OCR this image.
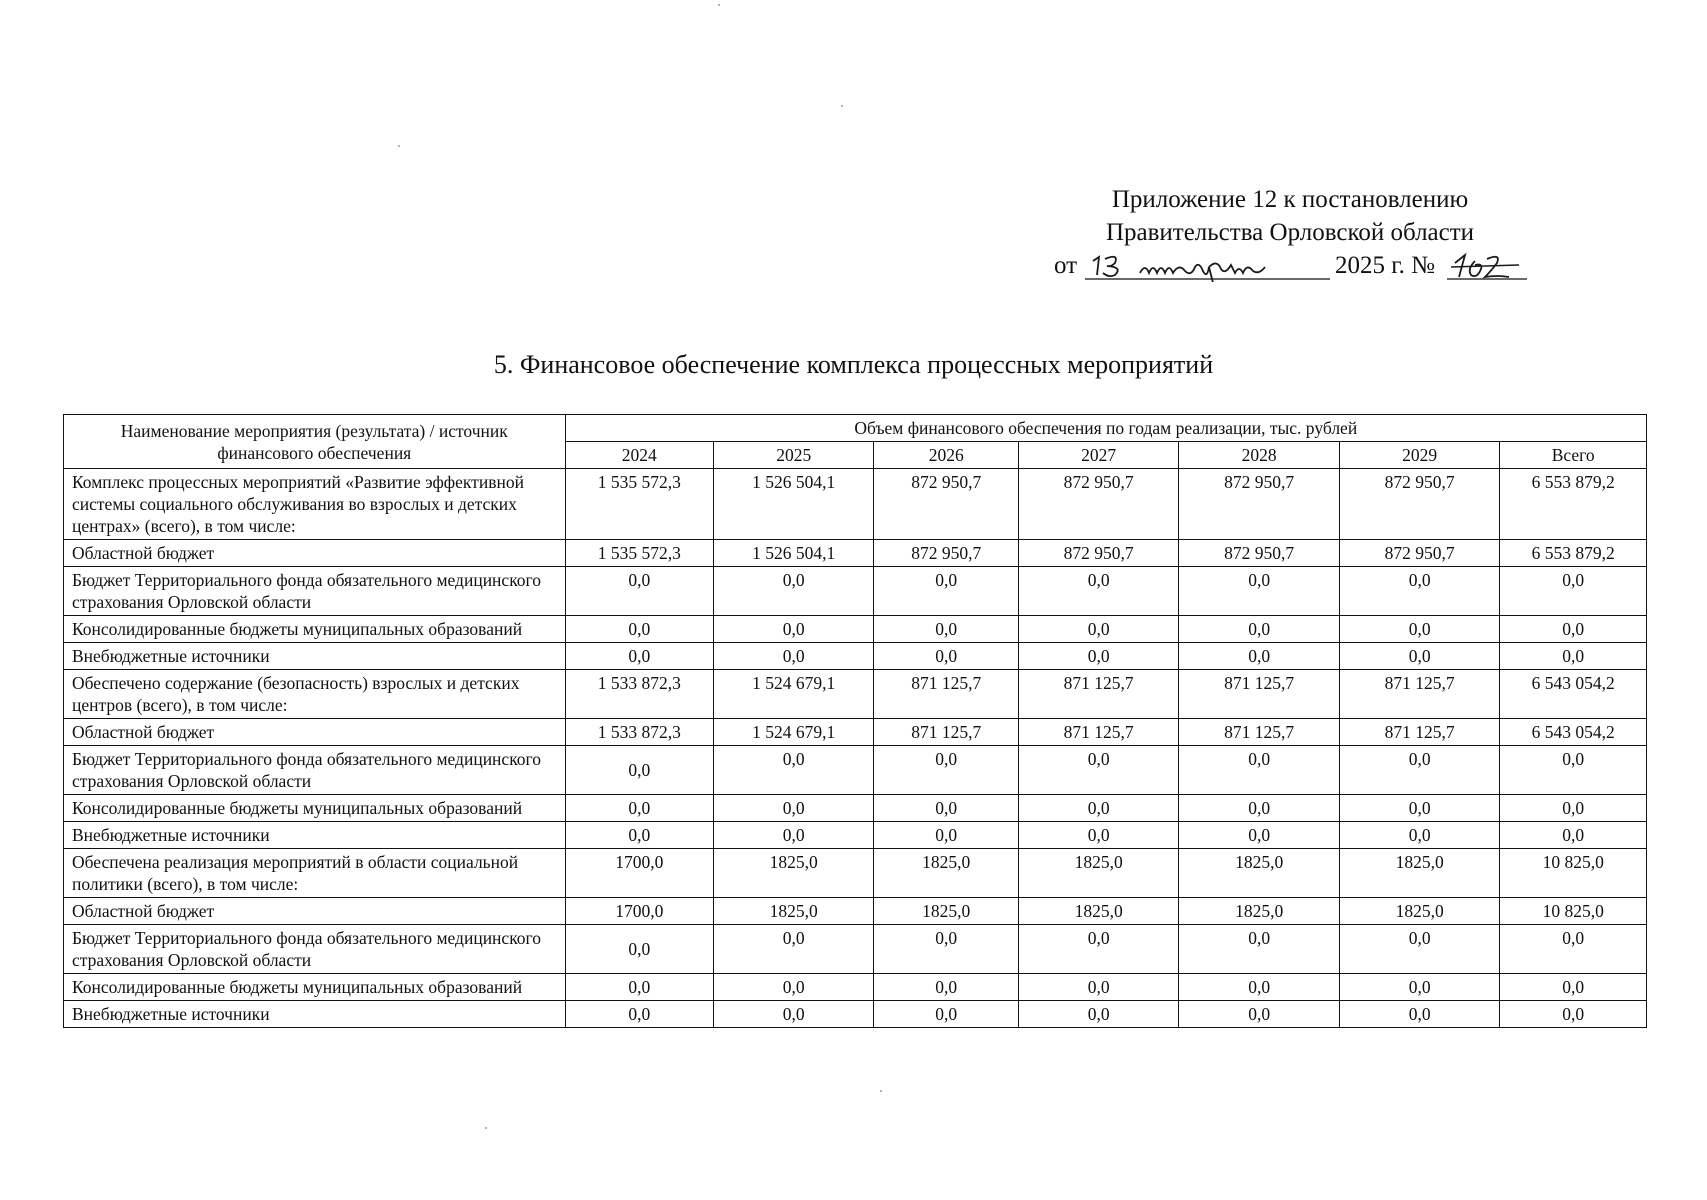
Приложение 12 к постановлению
Правительства Орловской области
от	2025 г. №
5. Финансовое обеспечение комплекса процессных мероприятий
Наименование мероприятия (результата) / источник финансового обеспечения	Объем финансового обеспечения по годам реализации, тыс. рублей						
	2024	2025	2026	2027	2028	2029	Всего
Комплекс процессных мероприятий «Развитие эффективной системы социального обслуживания во взрослых и детских центрах» (всего), в том числе:	1 535 572,3	1 526 504,1	872 950,7	872 950,7	872 950,7	872 950,7	6 553 879,2
Областной бюджет	1 535 572,3	1 526 504,1	872 950,7	872 950,7	872 950,7	872 950,7	6 553 879,2
Бюджет Территориального фонда обязательного медицинского страхования Орловской области	0,0	0,0	0,0	0,0	0,0	0,0	0,0
Консолидированные бюджеты муниципальных образований	0,0	0,0	0,0	0,0	0,0	0,0	0,0
Внебюджетные источники	0,0	0,0	0,0	0,0	0,0	0,0	0,0
Обеспечено содержание (безопасность) взрослых и детских центров (всего), в том числе:	1 533 872,3	1 524 679,1	871 125,7	871 125,7	871 125,7	871 125,7	6 543 054,2
Областной бюджет	1 533 872,3	1 524 679,1	871 125,7	871 125,7	871 125,7	871 125,7	6 543 054,2
Бюджет Территориального фонда обязательного медицинского страхования Орловской области	0,0	0,0	0,0	0,0	0,0	0,0	0,0
Консолидированные бюджеты муниципальных образований	0,0	0,0	0,0	0,0	0,0	0,0	0,0
Внебюджетные источники	0,0	0,0	0,0	0,0	0,0	0,0	0,0
Обеспечена реализация мероприятий в области социальной политики (всего), в том числе:	1700,0	1825,0	1825,0	1825,0	1825,0	1825,0	10 825,0
Областной бюджет	1700,0	1825,0	1825,0	1825,0	1825,0	1825,0	10 825,0
Бюджет Территориального фонда обязательного медицинского страхования Орловской области	0,0	0,0	0,0	0,0	0,0	0,0	0,0
Консолидированные бюджеты муниципальных образований	0,0	0,0	0,0	0,0	0,0	0,0	0,0
Внебюджетные источники	0,0	0,0	0,0	0,0	0,0	0,0	0,0
